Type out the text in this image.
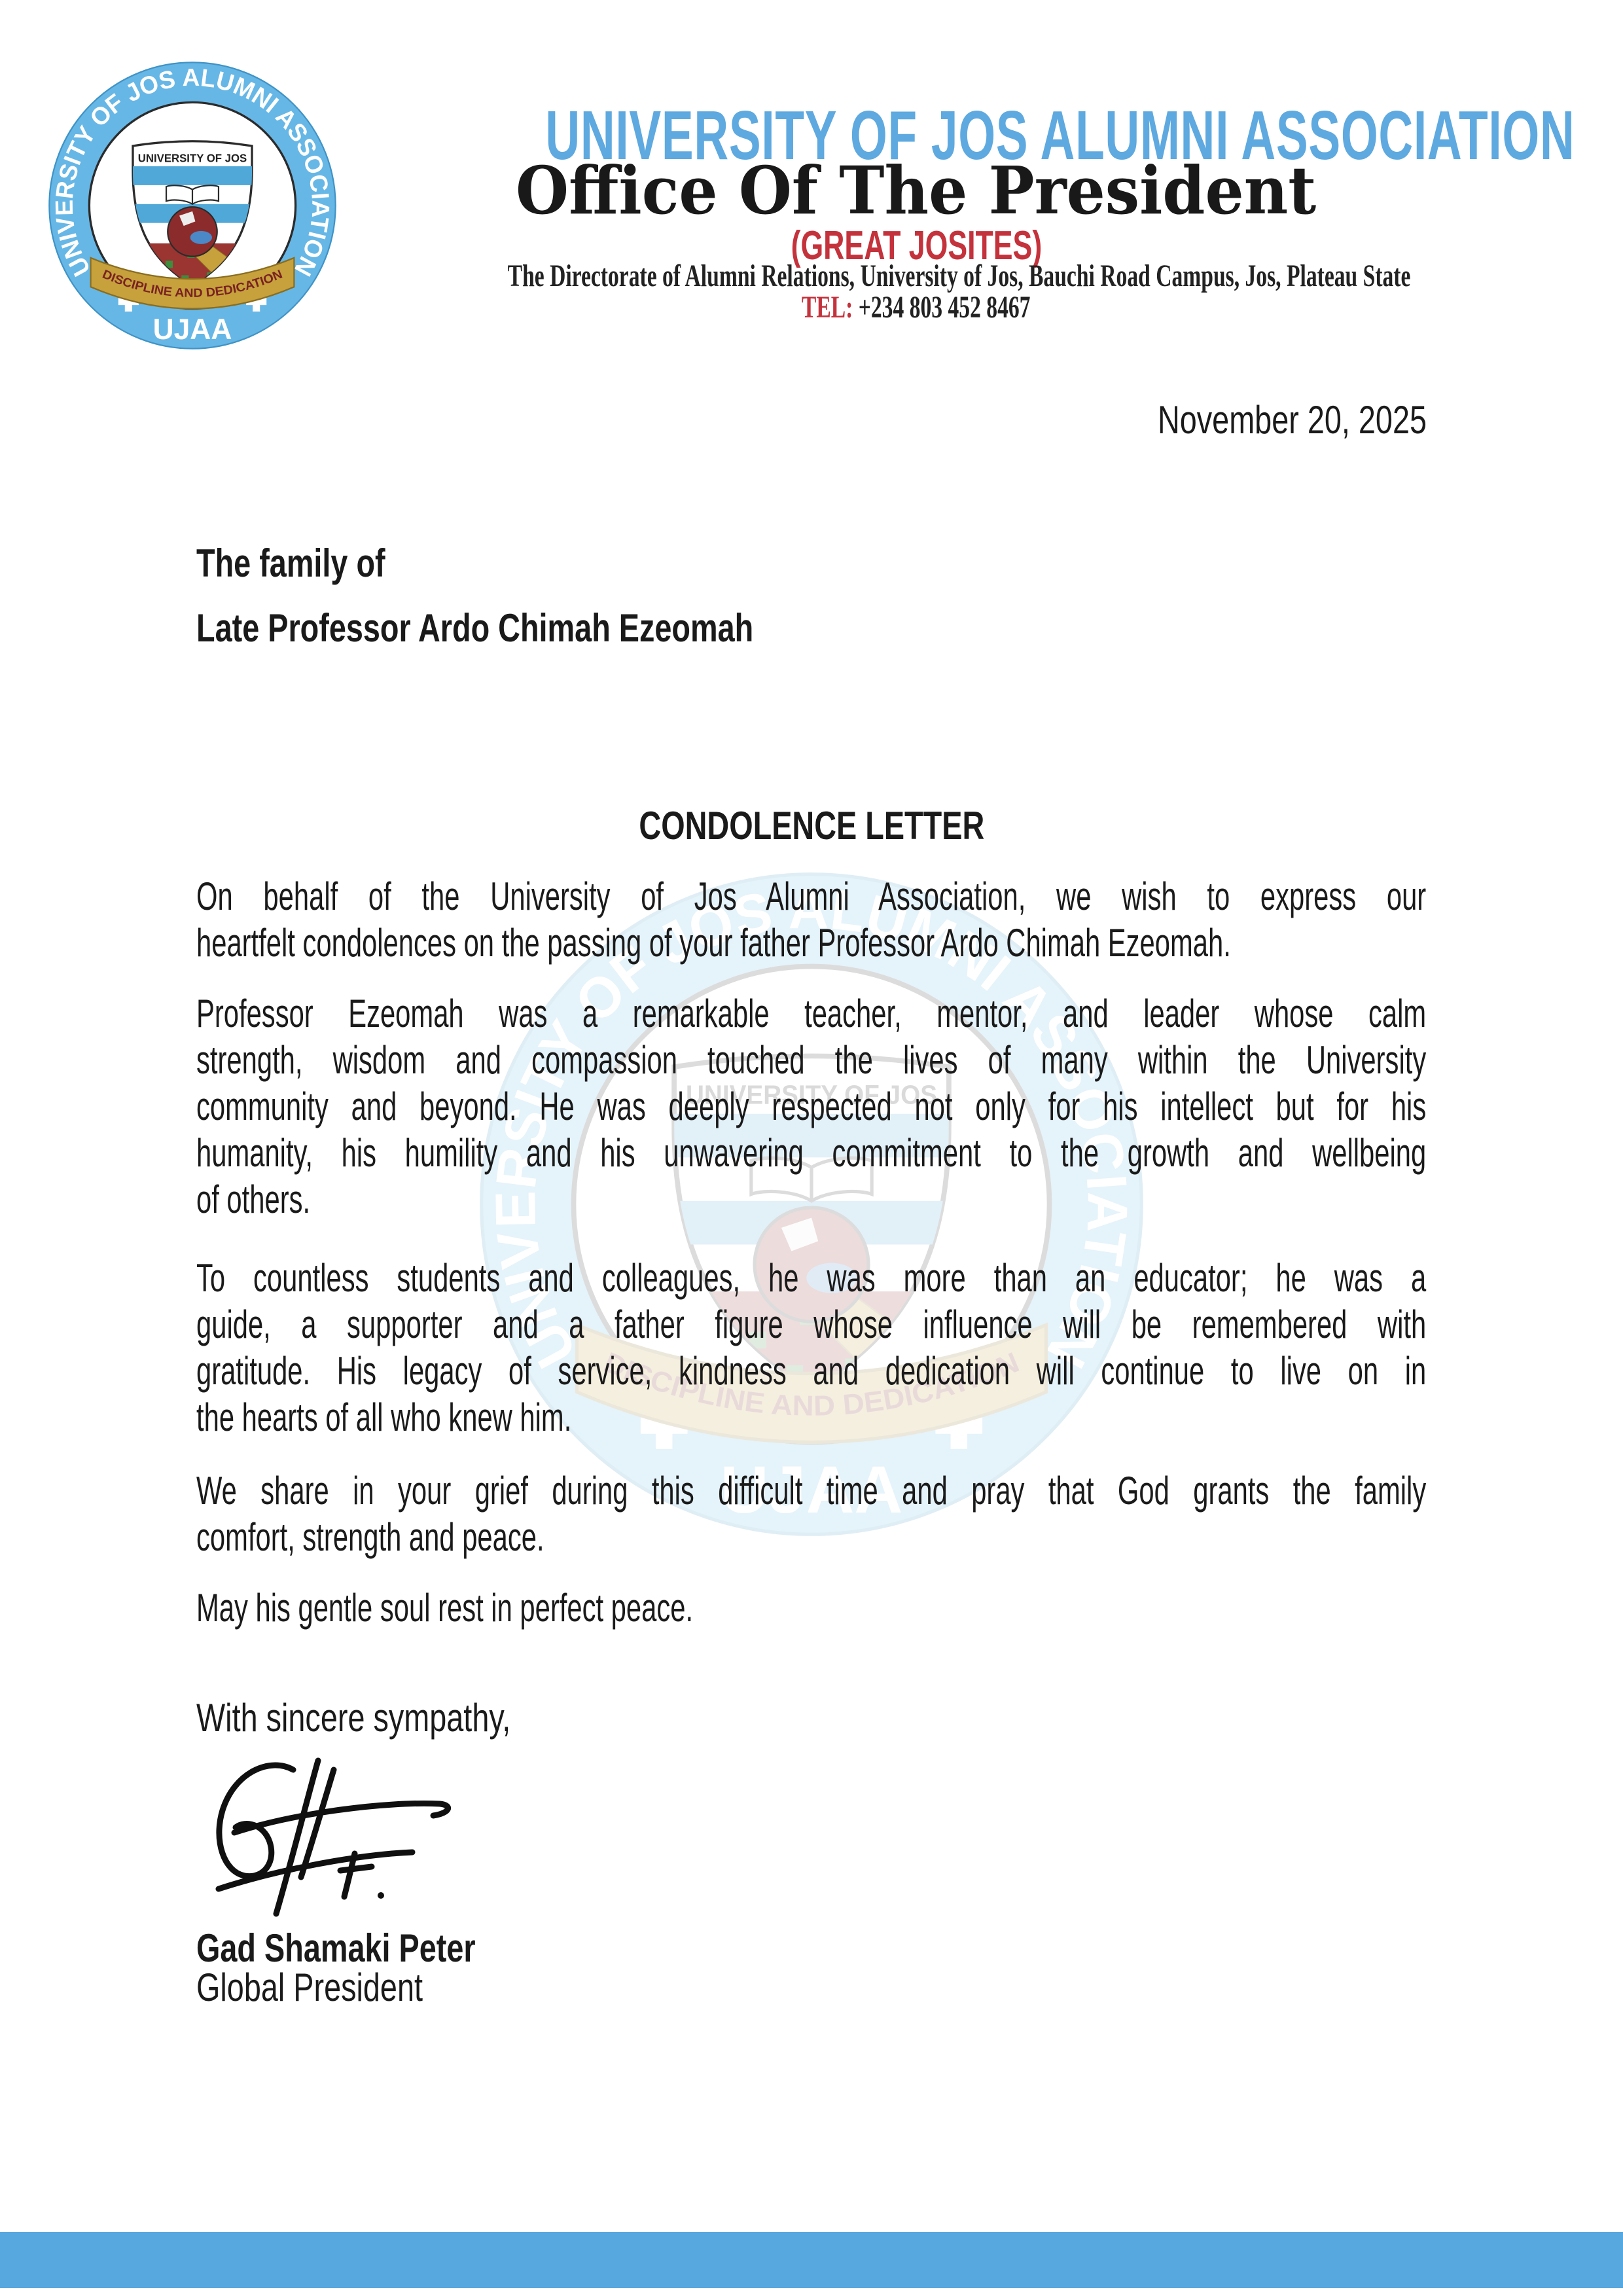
UNIVERSITY OF JOS ALUMNI ASSOCIATION
Office Of The President
(GREAT JOSITES)
The Directorate of Alumni Relations, University of Jos, Bauchi Road Campus, Jos, Plateau State
TEL: +234 803 452 8467
November 20, 2025
The family of
Late Professor Ardo Chimah Ezeomah
CONDOLENCE LETTER
On behalf of the University of Jos Alumni Association, we wish to express our
heartfelt condolences on the passing of your father Professor Ardo Chimah Ezeomah.
Professor Ezeomah was a remarkable teacher, mentor, and leader whose calm
strength, wisdom and compassion touched the lives of many within the University
community and beyond. He was deeply respected not only for his intellect but for his
humanity, his humility and his unwavering commitment to the growth and wellbeing
of others.
To countless students and colleagues, he was more than an educator; he was a
guide, a supporter and a father figure whose influence will be remembered with
gratitude. His legacy of service, kindness and dedication will continue to live on in
the hearts of all who knew him.
We share in your grief during this difficult time and pray that God grants the family
comfort, strength and peace.
May his gentle soul rest in perfect peace.
With sincere sympathy,
Gad Shamaki Peter
Global President
